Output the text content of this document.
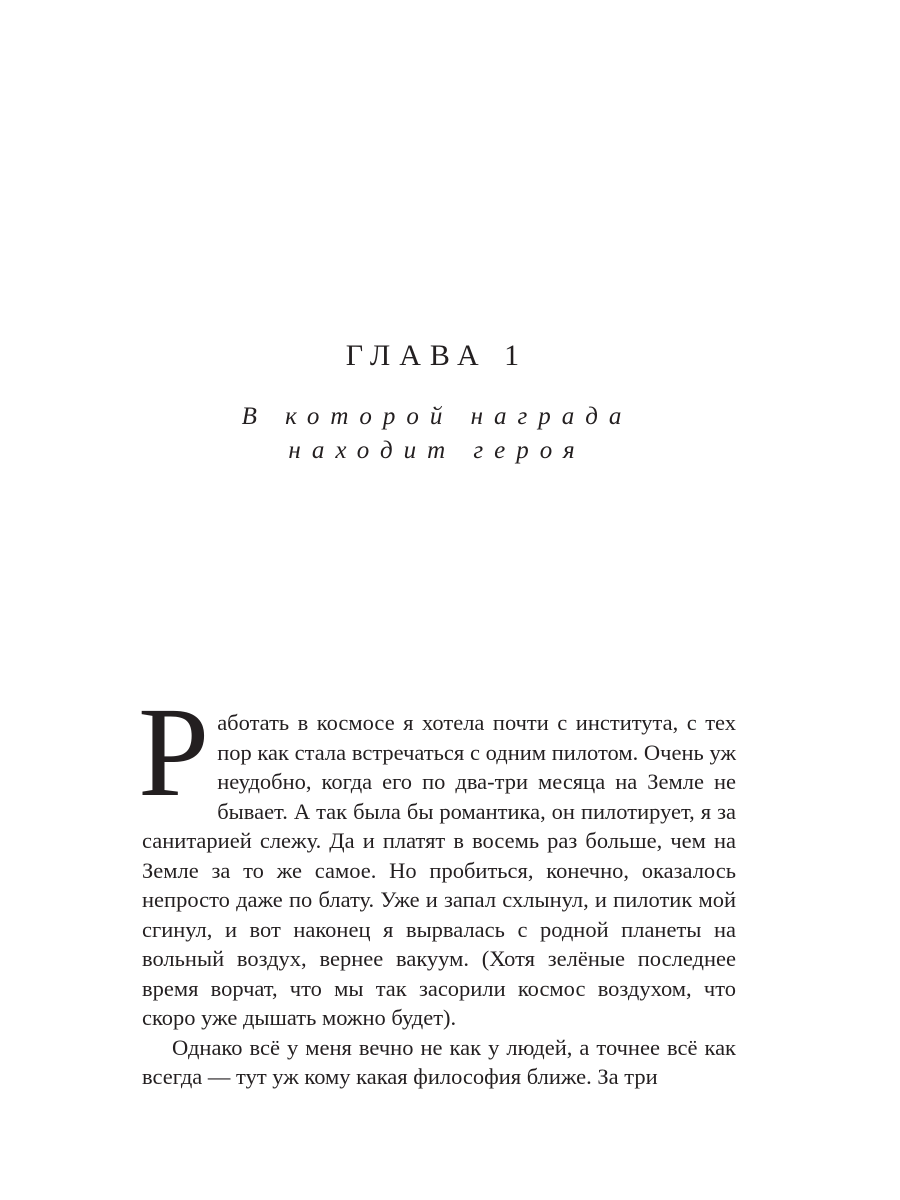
ГЛАВА 1
В которой награда
находит героя

Работать в космосе я хотела почти с института, с тех пор как стала встречаться с одним пилотом. Очень уж неудобно, когда его по два-три месяца на Земле не бывает. А так была бы романтика, он пилотирует, я за санитарией слежу. Да и платят в восемь раз больше, чем на Земле за то же самое. Но пробиться, конечно, оказалось непросто даже по блату. Уже и запал схлынул, и пилотик мой сгинул, и вот наконец я вырвалась с родной планеты на вольный воздух, вернее вакуум. (Хотя зелёные последнее время ворчат, что мы так засорили космос воздухом, что скоро уже дышать можно будет).

Однако всё у меня вечно не как у людей, а точнее всё как всегда — тут уж кому какая философия ближе. За три
